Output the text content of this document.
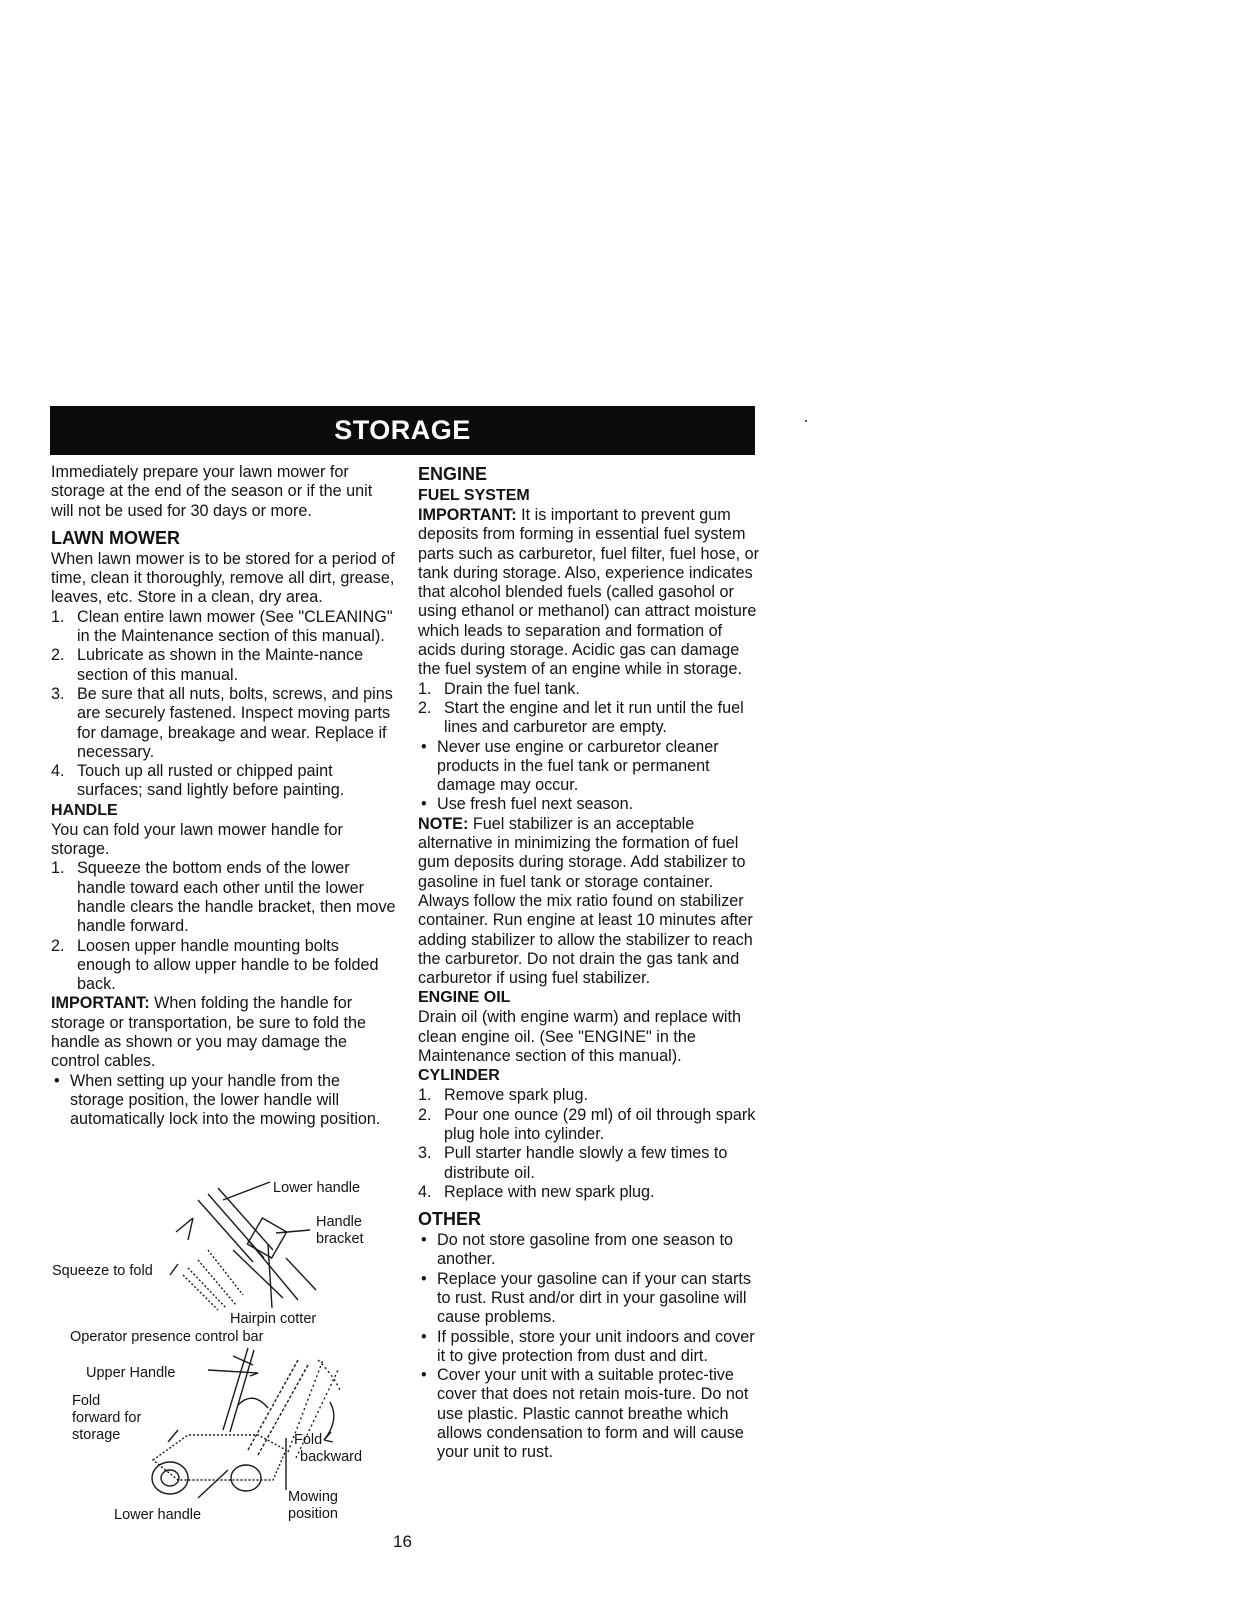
STORAGE

Immediately prepare your lawn mower for storage at the end of the season or if the unit will not be used for 30 days or more.

LAWN MOWER

When lawn mower is to be stored for a period of time, clean it thoroughly, remove all dirt, grease, leaves, etc. Store in a clean, dry area.

1. Clean entire lawn mower (See "CLEANING" in the Maintenance section of this manual).
2. Lubricate as shown in the Mainte-nance section of this manual.
3. Be sure that all nuts, bolts, screws, and pins are securely fastened. Inspect moving parts for damage, breakage and wear. Replace if necessary.
4. Touch up all rusted or chipped paint surfaces; sand lightly before painting.
HANDLE

You can fold your lawn mower handle for storage.

1. Squeeze the bottom ends of the lower handle toward each other until the lower handle clears the handle bracket, then move handle forward.
2. Loosen upper handle mounting bolts enough to allow upper handle to be folded back.

IMPORTANT: When folding the handle for storage or transportation, be sure to fold the handle as shown or you may damage the control cables.

• When setting up your handle from the storage position, the lower handle will automatically lock into the mowing position.
Lower handle
Handle
bracket
Squeeze to fold
Hairpin cotter
Operator presence control bar
Upper Handle
Fold
forward for
storage	Fold
backward
Mowing
position
Lower handle
16
ENGINE
FUEL SYSTEM

IMPORTANT: It is important to prevent gum deposits from forming in essential fuel system parts such as carburetor, fuel filter, fuel hose, or tank during storage. Also, experience indicates that alcohol blended fuels (called gasohol or using ethanol or methanol) can attract moisture which leads to separation and formation of acids during storage. Acidic gas can damage the fuel system of an engine while in storage.

1. Drain the fuel tank.
2. Start the engine and let it run until the fuel lines and carburetor are empty.
• Never use engine or carburetor cleaner products in the fuel tank or permanent damage may occur.
• Use fresh fuel next season.

NOTE: Fuel stabilizer is an acceptable alternative in minimizing the formation of fuel gum deposits during storage. Add stabilizer to gasoline in fuel tank or storage container. Always follow the mix ratio found on stabilizer container. Run engine at least 10 minutes after adding stabilizer to allow the stabilizer to reach the carburetor. Do not drain the gas tank and carburetor if using fuel stabilizer.

ENGINE OIL

Drain oil (with engine warm) and replace with clean engine oil. (See "ENGINE" in the Maintenance section of this manual).

CYLINDER
1. Remove spark plug.
2. Pour one ounce (29 ml) of oil through spark plug hole into cylinder.
3. Pull starter handle slowly a few times to distribute oil.
4. Replace with new spark plug.
OTHER
• Do not store gasoline from one season to another.
• Replace your gasoline can if your can starts to rust. Rust and/or dirt in your gasoline will cause problems.
• If possible, store your unit indoors and cover it to give protection from dust and dirt.
• Cover your unit with a suitable protec-tive cover that does not retain mois-ture. Do not use plastic. Plastic cannot breathe which allows condensation to form and will cause your unit to rust.
